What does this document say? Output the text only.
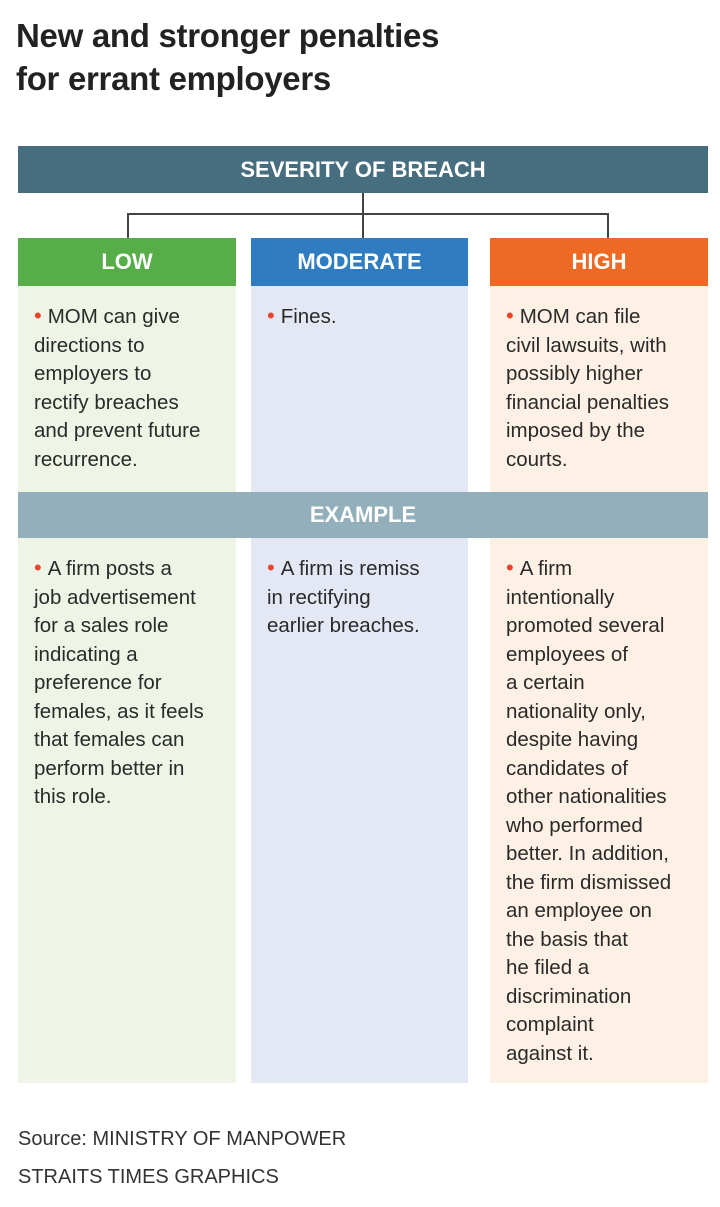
New and stronger penalties
for errant employers
SEVERITY OF BREACH
LOW
• MOM can give
directions to
employers to
rectify breaches
and prevent future
recurrence.
• A firm posts a
job advertisement
for a sales role
indicating a
preference for
females, as it feels
that females can
perform better in
this role.
MODERATE
• Fines.
• A firm is remiss
in rectifying
earlier breaches.
HIGH
• MOM can file
civil lawsuits, with
possibly higher
financial penalties
imposed by the
courts.
• A firm
intentionally
promoted several
employees of
a certain
nationality only,
despite having
candidates of
other nationalities
who performed
better. In addition,
the firm dismissed
an employee on
the basis that
he filed a
discrimination
complaint
against it.
EXAMPLE
Source: MINISTRY OF MANPOWER
STRAITS TIMES GRAPHICS
